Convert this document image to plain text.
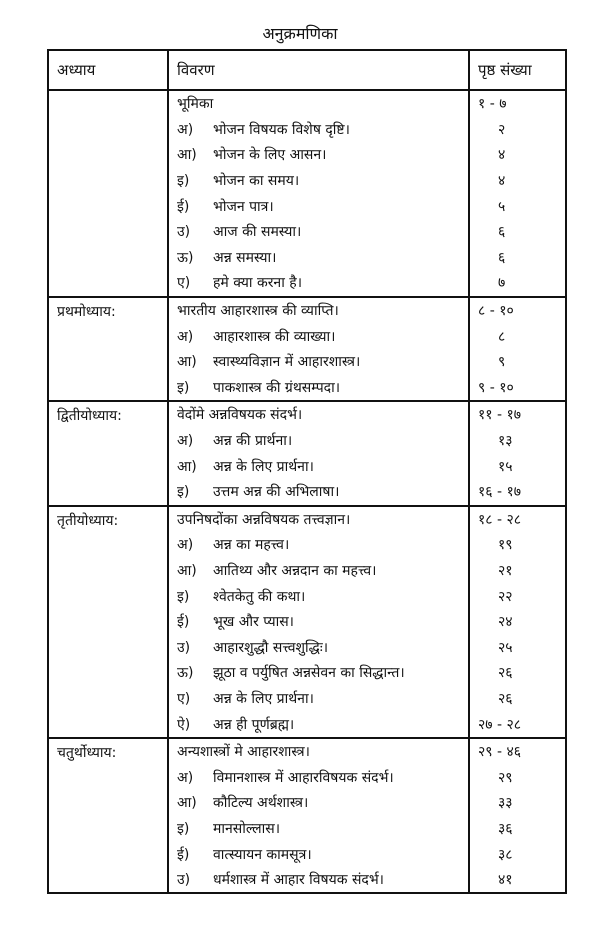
अनुक्रमणिका
अध्याय	विवरण	पृष्ठ संख्या
	भूमिका	१ - ७
	अ) भोजन विषयक विशेष दृष्टि।	२
	आ) भोजन के लिए आसन।	४
	इ) भोजन का समय।	४
	ई) भोजन पात्र।	५
	उ) आज की समस्या।	६
	ऊ) अन्न समस्या।	६
	ए) हमे क्या करना है।	७
प्रथमोध्याय:	भारतीय आहारशास्त्र की व्याप्ति।	८ - १०
	अ) आहारशास्त्र की व्याख्या।	८
	आ) स्वास्थ्यविज्ञान में आहारशास्त्र।	९
	इ) पाकशास्त्र की ग्रंथसम्पदा।	९ - १०
द्वितीयोध्याय:	वेदोंमे अन्नविषयक संदर्भ।	११ - १७
	अ) अन्न की प्रार्थना।	१३
	आ) अन्न के लिए प्रार्थना।	१५
	इ) उत्तम अन्न की अभिलाषा।	१६ - १७
तृतीयोध्याय:	उपनिषदोंका अन्नविषयक तत्त्वज्ञान।	१८ - २८
	अ) अन्न का महत्त्व।	१९
	आ) आतिथ्य और अन्नदान का महत्त्व।	२१
	इ) श्वेतकेतु की कथा।	२२
	ई) भूख और प्यास।	२४
	उ) आहारशुद्धौ सत्त्वशुद्धिः।	२५
	ऊ) झूठा व पर्युषित अन्नसेवन का सिद्धान्त।	२६
	ए) अन्न के लिए प्रार्थना।	२६
	ऐ) अन्न ही पूर्णब्रह्म।	२७ - २८
चतुर्थोध्याय:	अन्यशास्त्रों मे आहारशास्त्र।	२९ - ४६
	अ) विमानशास्त्र में आहारविषयक संदर्भ।	२९
	आ) कौटिल्य अर्थशास्त्र।	३३
	इ) मानसोल्लास।	३६
	ई) वात्स्यायन कामसूत्र।	३८
	उ) धर्मशास्त्र में आहार विषयक संदर्भ।	४१
